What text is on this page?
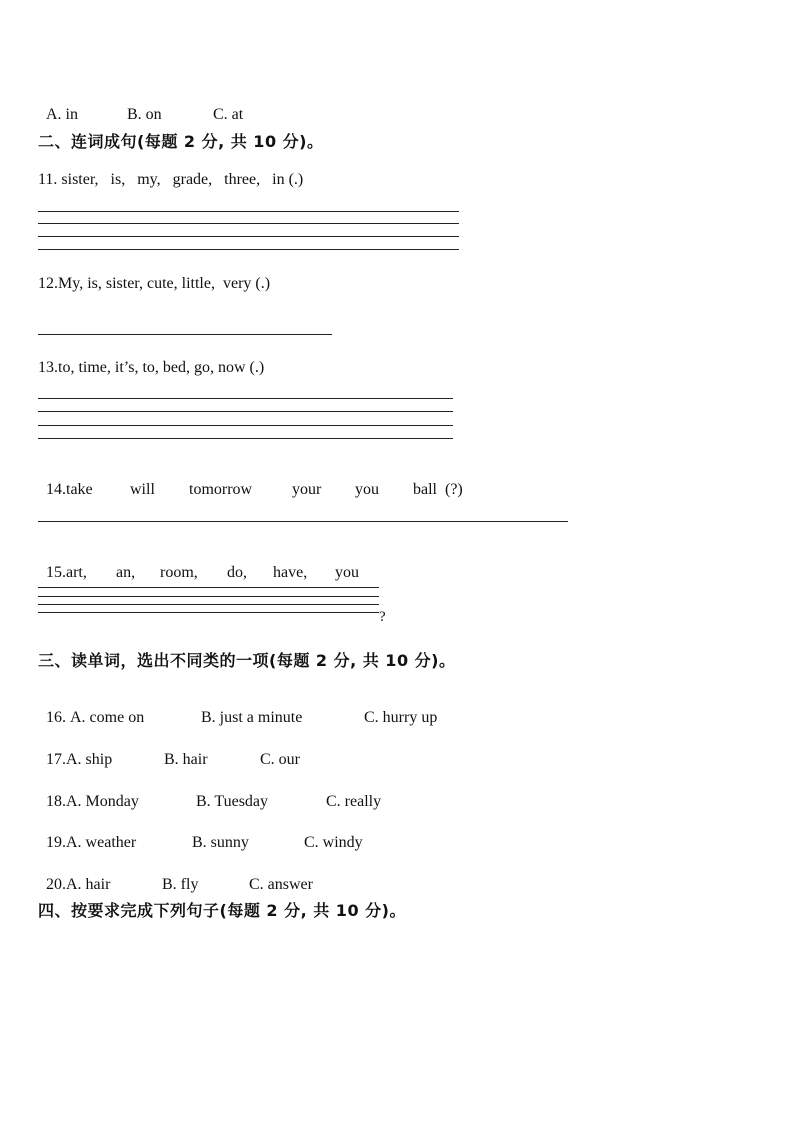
A. in	B. on	C. at

二、连词成句(每题 2 分, 共 10 分)。
11. sister,   is,   my,   grade,   three,   in (.)
12.My, is, sister, cute, little,  very (.)
13.to, time, it’s, to, bed, go, now (.)

14.take will tomorrow your you ball  (?)

15.art, an, room, do, have, you

?
三、读单词，选出不同类的一项(每题 2 分, 共 10 分)。

16. A. come on	B. just a minute	C. hurry up

17.A. ship	B. hair	C. our

18.A. Monday	B. Tuesday	C. really

19.A. weather	B. sunny	C. windy

20.A. hair	B. fly	C. answer

四、按要求完成下列句子(每题 2 分, 共 10 分)。
